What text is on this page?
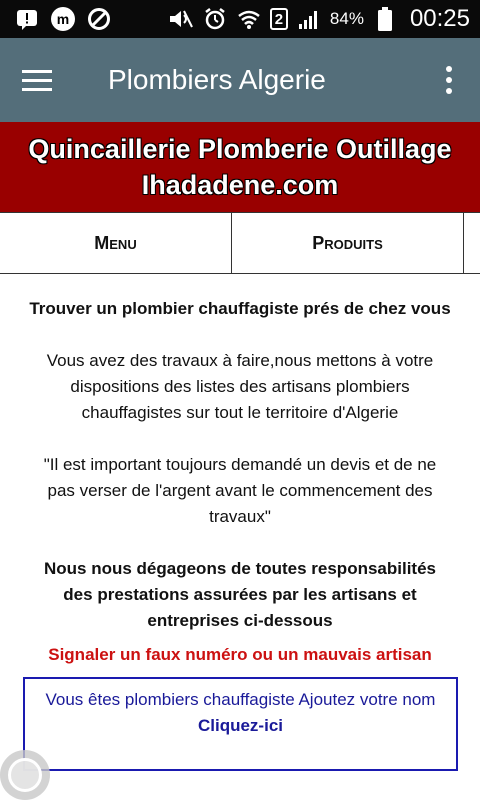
m	2	84% 00:25
Plombiers Algerie
Quincaillerie Plomberie Outillage
Ihadadene.com
Menu	Produits
Trouver un plombier chauffagiste prés de chez vous
Vous avez des travaux à faire,nous mettons à votre dispositions des listes des artisans plombiers chauffagistes sur tout le territoire d'Algerie
"Il est important toujours demandé un devis et de ne pas verser de l'argent avant le commencement des travaux"
Nous nous dégageons de toutes responsabilités des prestations assurées par les artisans et entreprises ci-dessous
Signaler un faux numéro ou un mauvais artisan
Vous êtes plombiers chauffagiste Ajoutez votre nom
Cliquez-ici
